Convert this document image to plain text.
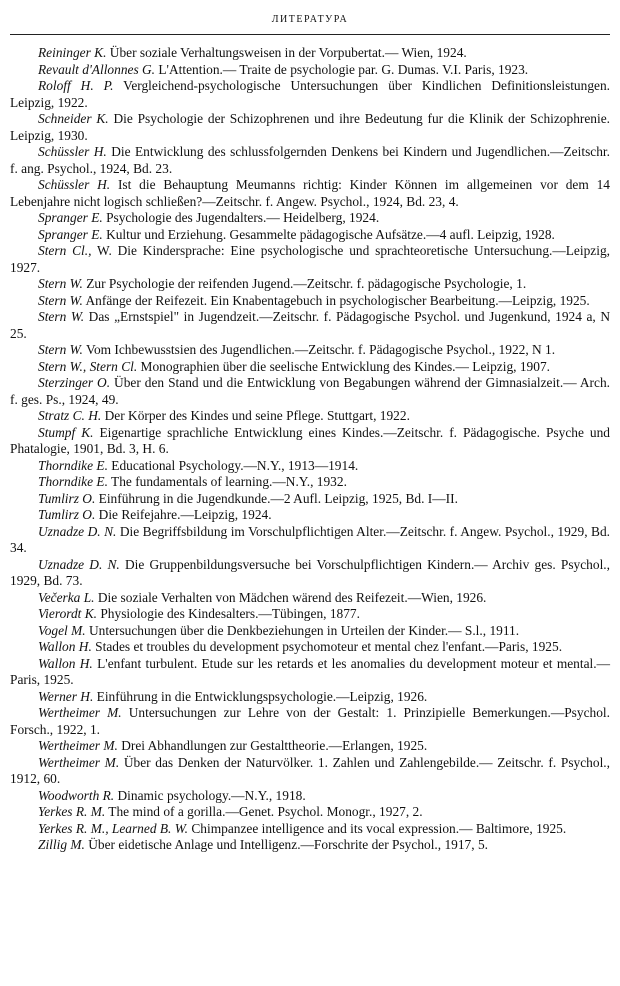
ЛИТЕРАТУРА

Reininger K. Über soziale Verhaltungsweisen in der Vorpubertat.— Wien, 1924.

Revault d'Allonnes G. L'Attention.— Traite de psychologie par. G. Dumas. V.I. Paris, 1923.

Roloff H. P. Vergleichend-psychologische Untersuchungen über Kindlichen Definitionsleistungen. Leipzig, 1922.

Schneider K. Die Psychologie der Schizophrenen und ihre Bedeutung fur die Klinik der Schizophrenie. Leipzig, 1930.

Schüssler H. Die Entwicklung des schlussfolgernden Denkens bei Kindern und Jugendlichen.—Zeitschr. f. ang. Psychol., 1924, Bd. 23.

Schüssler H. Ist die Behauptung Meumanns richtig: Kinder Können im allgemeinen vor dem 14 Lebenjahre nicht logisch schließen?—Zeitschr. f. Angew. Psychol., 1924, Bd. 23, 4.

Spranger E. Psychologie des Jugendalters.— Heidelberg, 1924.

Spranger E. Kultur und Erziehung. Gesammelte pädagogische Aufsätze.—4 aufl. Leipzig, 1928.

Stern Cl., W. Die Kindersprache: Eine psychologische und sprachteoretische Untersuchung.—Leipzig, 1927.

Stern W. Zur Psychologie der reifenden Jugend.—Zeitschr. f. pädagogische Psychologie, 1.

Stern W. Anfänge der Reifezeit. Ein Knabentagebuch in psychologischer Bearbeitung.—Leipzig, 1925.

Stern W. Das „Ernstspiel" in Jugendzeit.—Zeitschr. f. Pädagogische Psychol. und Jugenkund, 1924 a, N 25.

Stern W. Vom Ichbewusstsien des Jugendlichen.—Zeitschr. f. Pädagogische Psychol., 1922, N 1.

Stern W., Stern Cl. Monographien über die seelische Entwicklung des Kindes.— Leipzig, 1907.

Sterzinger O. Über den Stand und die Entwicklung von Begabungen während der Gimnasialzeit.— Arch. f. ges. Ps., 1924, 49.

Stratz C. H. Der Körper des Kindes und seine Pflege. Stuttgart, 1922.

Stumpf K. Eigenartige sprachliche Entwicklung eines Kindes.—Zeitschr. f. Pädagogische. Psyche und Phatalogie, 1901, Bd. 3, H. 6.

Thorndike E. Educational Psychology.—N.Y., 1913—1914.

Thorndike E. The fundamentals of learning.—N.Y., 1932.

Tumlirz O. Einführung in die Jugendkunde.—2 Aufl. Leipzig, 1925, Bd. I—II.

Tumlirz O. Die Reifejahre.—Leipzig, 1924.

Uznadze D. N. Die Begriffsbildung im Vorschulpflichtigen Alter.—Zeitschr. f. Angew. Psychol., 1929, Bd. 34.

Uznadze D. N. Die Gruppenbildungsversuche bei Vorschulpflichtigen Kindern.— Archiv ges. Psychol., 1929, Bd. 73.

Večerka L. Die soziale Verhalten von Mädchen wärend des Reifezeit.—Wien, 1926.

Vierordt K. Physiologie des Kindesalters.—Tübingen, 1877.

Vogel M. Untersuchungen über die Denkbeziehungen in Urteilen der Kinder.— S.l., 1911.

Wallon H. Stades et troubles du development psychomoteur et mental chez l'enfant.—Paris, 1925.

Wallon H. L'enfant turbulent. Etude sur les retards et les anomalies du development moteur et mental.—Paris, 1925.

Werner H. Einführung in die Entwicklungspsychologie.—Leipzig, 1926.

Wertheimer M. Untersuchungen zur Lehre von der Gestalt: 1. Prinzipielle Bemerkungen.—Psychol. Forsch., 1922, 1.

Wertheimer M. Drei Abhandlungen zur Gestalttheorie.—Erlangen, 1925.

Wertheimer M. Über das Denken der Naturvölker. 1. Zahlen und Zahlengebilde.— Zeitschr. f. Psychol., 1912, 60.

Woodworth R. Dinamic psychology.—N.Y., 1918.

Yerkes R. M. The mind of a gorilla.—Genet. Psychol. Monogr., 1927, 2.

Yerkes R. M., Learned B. W. Chimpanzee intelligence and its vocal expression.— Baltimore, 1925.

Zillig M. Über eidetische Anlage und Intelligenz.—Forschrite der Psychol., 1917, 5.
